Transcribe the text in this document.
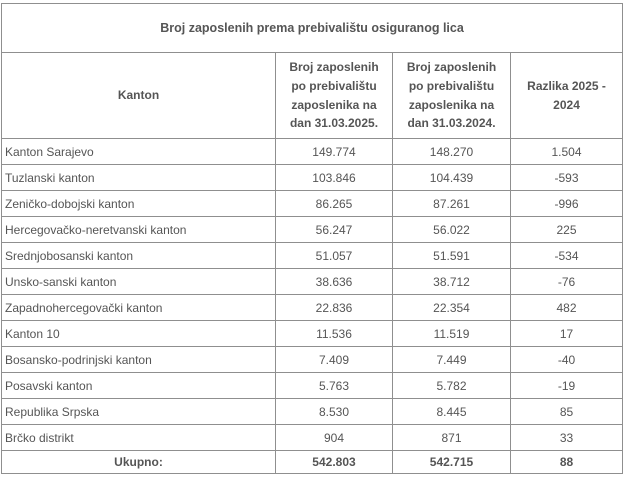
Broj zaposlenih prema prebivalištu osiguranog lica			
Kanton	Broj zaposlenih po prebivalištu zaposlenika na dan 31.03.2025.	Broj zaposlenih po prebivalištu zaposlenika na dan 31.03.2024.	Razlika 2025 - 2024
Kanton Sarajevo	149.774	148.270	1.504
Tuzlanski kanton	103.846	104.439	-593
Zeničko-dobojski kanton	86.265	87.261	-996
Hercegovačko-neretvanski kanton	56.247	56.022	225
Srednjobosanski kanton	51.057	51.591	-534
Unsko-sanski kanton	38.636	38.712	-76
Zapadnohercegovački kanton	22.836	22.354	482
Kanton 10	11.536	11.519	17
Bosansko-podrinjski kanton	7.409	7.449	-40
Posavski kanton	5.763	5.782	-19
Republika Srpska	8.530	8.445	85
Brčko distrikt	904	871	33
Ukupno:	542.803	542.715	88
